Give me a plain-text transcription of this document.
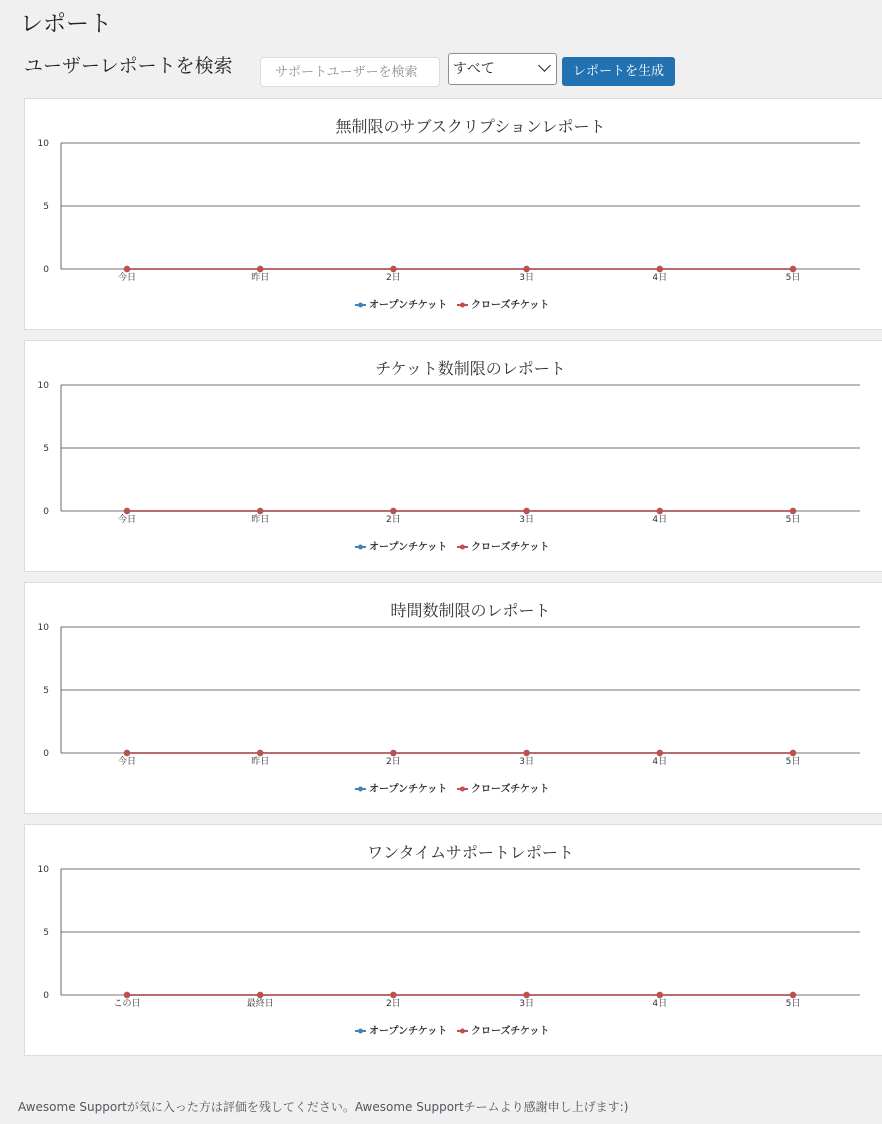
レポート
ユーザーレポートを検索
サポートユーザーを検索	すべて	レポートを生成
無制限のサブスクリプションレポート
0
5
10
今日	昨日	2日	3日	4日	5日
オープンチケット クローズチケット
チケット数制限のレポート
0
5
10
今日	昨日	2日	3日	4日	5日
オープンチケット クローズチケット
時間数制限のレポート
0
5
10
今日	昨日	2日	3日	4日	5日
オープンチケット クローズチケット
ワンタイムサポートレポート
0
5
10
この日	最終日	2日	3日	4日	5日
オープンチケット クローズチケット

Awesome Supportが気に入った方は評価を残してください。Awesome Supportチームより感謝申し上げます:)
